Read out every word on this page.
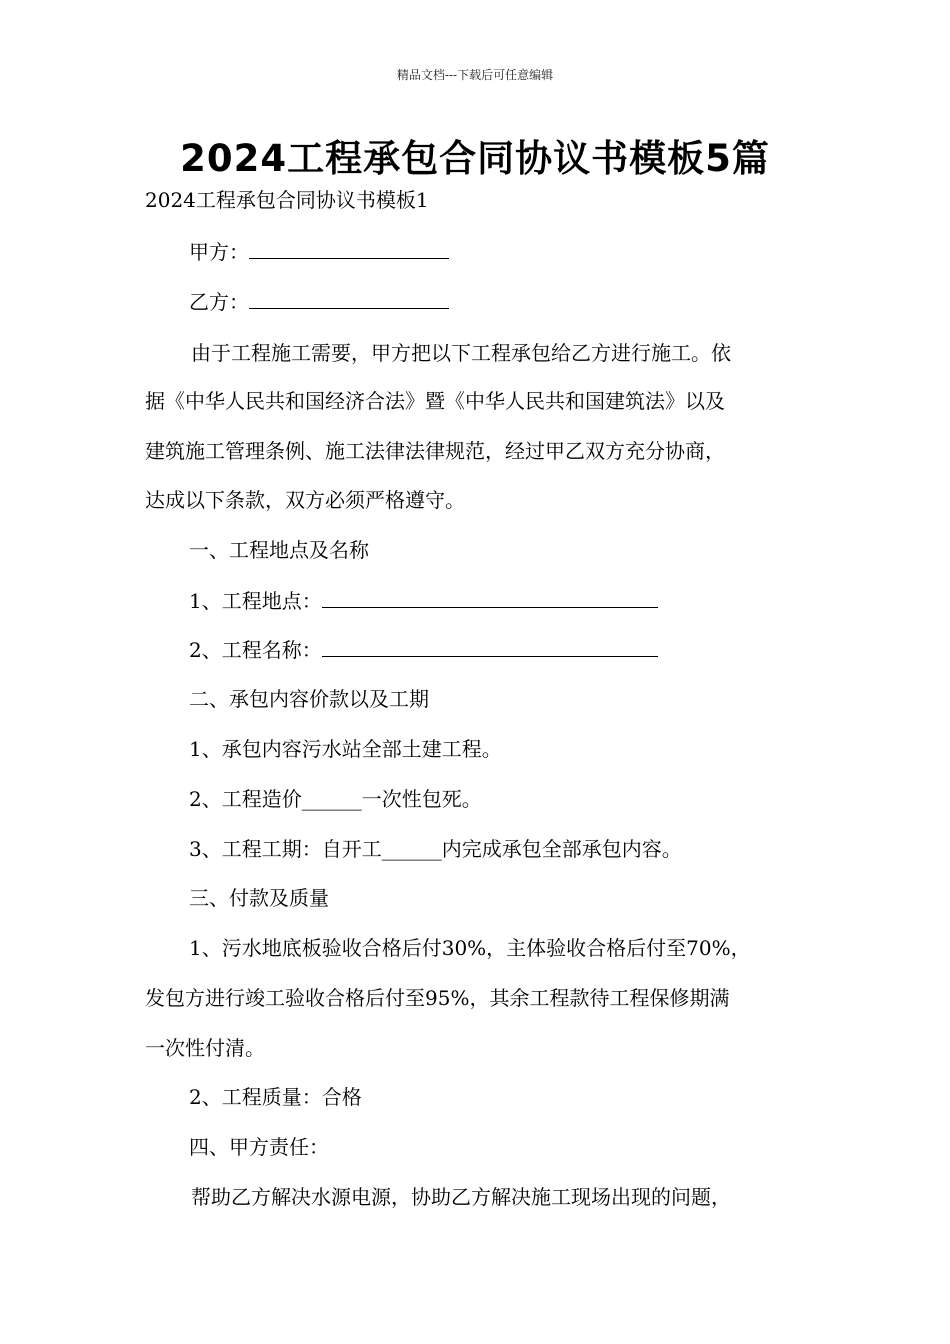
精品文档---下载后可任意编辑
2024工程承包合同协议书模板5篇
2024工程承包合同协议书模板1
甲方：
乙方：
由于工程施工需要，甲方把以下工程承包给乙方进行施工。依
据《中华人民共和国经济合法》暨《中华人民共和国建筑法》以及
建筑施工管理条例、施工法律法律规范，经过甲乙双方充分协商，
达成以下条款，双方必须严格遵守。
一、工程地点及名称
1、工程地点：
2、工程名称：
二、承包内容价款以及工期
1、承包内容污水站全部土建工程。
2、工程造价______一次性包死。
3、工程工期：自开工______内完成承包全部承包内容。
三、付款及质量
1、污水地底板验收合格后付30%，主体验收合格后付至70%，
发包方进行竣工验收合格后付至95%，其余工程款待工程保修期满
一次性付清。
2、工程质量：合格
四、甲方责任：
帮助乙方解决水源电源，协助乙方解决施工现场出现的问题，
